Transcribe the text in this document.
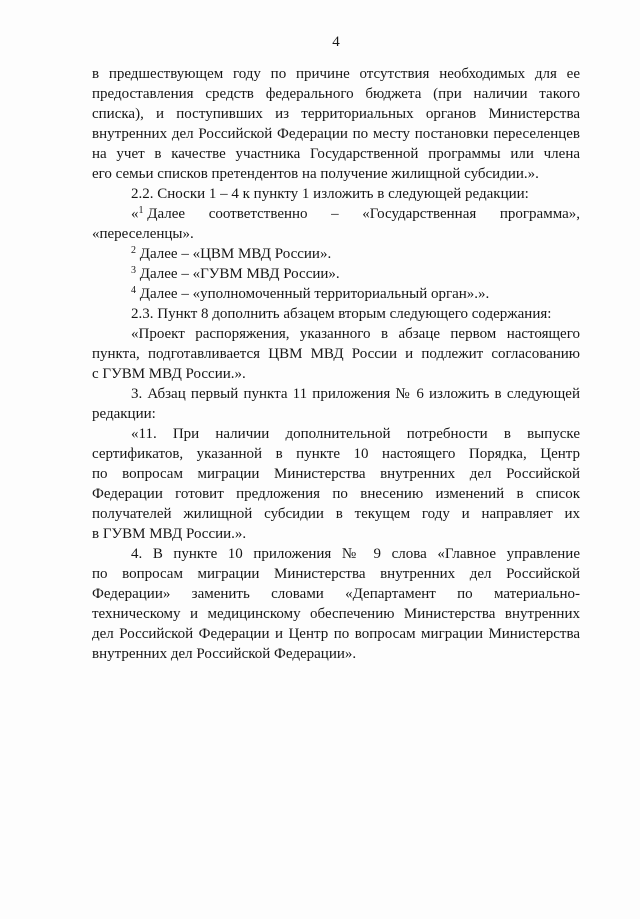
4
в предшествующем году по причине отсутствия необходимых для ее
предоставления средств федерального бюджета (при наличии такого
списка), и поступивших из территориальных органов Министерства
внутренних дел Российской Федерации по месту постановки переселенцев
на учет в качестве участника Государственной программы или члена
его семьи списков претендентов на получение жилищной субсидии.».
2.2. Сноски 1 – 4 к пункту 1 изложить в следующей редакции:
«$^1$ Далее соответственно – «Государственная программа»,
«переселенцы».
$^2$ Далее – «ЦВМ МВД России».
$^3$ Далее – «ГУВМ МВД России».
$^4$ Далее – «уполномоченный территориальный орган».».
2.3. Пункт 8 дополнить абзацем вторым следующего содержания:
«Проект распоряжения, указанного в абзаце первом настоящего
пункта, подготавливается ЦВМ МВД России и подлежит согласованию
с ГУВМ МВД России.».
3. Абзац первый пункта 11 приложения № 6 изложить в следующей
редакции:
«11. При наличии дополнительной потребности в выпуске
сертификатов, указанной в пункте 10 настоящего Порядка, Центр
по вопросам миграции Министерства внутренних дел Российской
Федерации готовит предложения по внесению изменений в список
получателей жилищной субсидии в текущем году и направляет их
в ГУВМ МВД России.».
4. В пункте 10 приложения № 9 слова «Главное управление
по вопросам миграции Министерства внутренних дел Российской
Федерации» заменить словами «Департамент по материально-
техническому и медицинскому обеспечению Министерства внутренних
дел Российской Федерации и Центр по вопросам миграции Министерства
внутренних дел Российской Федерации».
